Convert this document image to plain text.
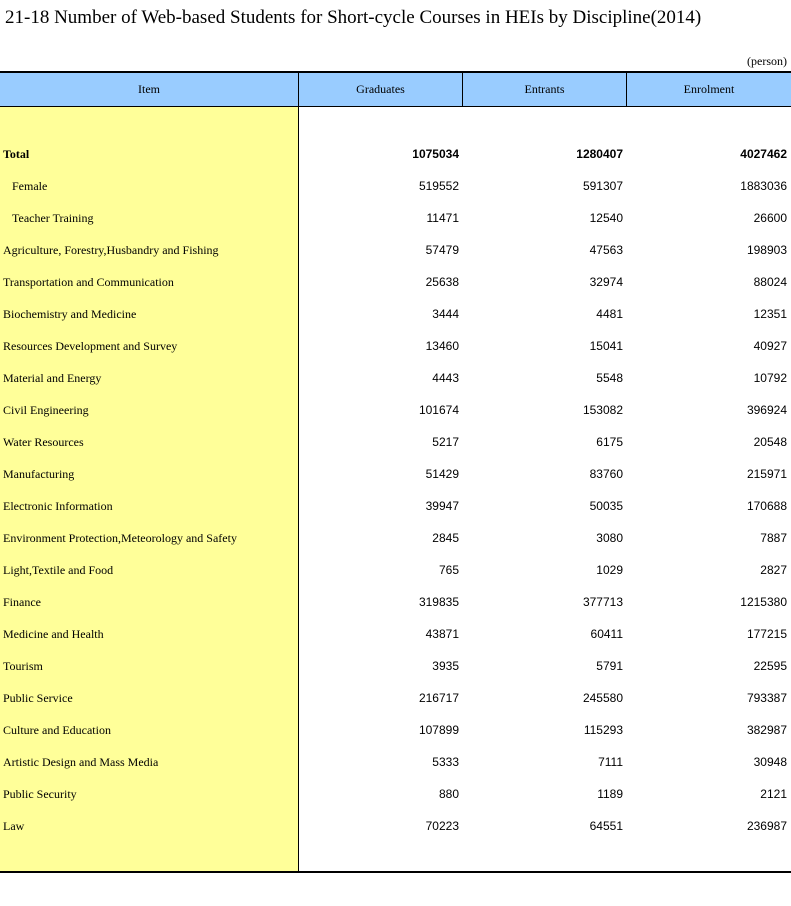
21-18 Number of Web-based Students for Short-cycle Courses in HEIs by Discipline(2014)
(person)
Item	Graduates	Entrants	Enrolment
Total	1075034	1280407	4027462
Female	519552	591307	1883036
Teacher Training	11471	12540	26600
Agriculture, Forestry,Husbandry and Fishing	57479	47563	198903
Transportation and Communication	25638	32974	88024
Biochemistry and Medicine	3444	4481	12351
Resources Development and Survey	13460	15041	40927
Material and Energy	4443	5548	10792
Civil Engineering	101674	153082	396924
Water Resources	5217	6175	20548
Manufacturing	51429	83760	215971
Electronic Information	39947	50035	170688
Environment Protection,Meteorology and Safety	2845	3080	7887
Light,Textile and Food	765	1029	2827
Finance	319835	377713	1215380
Medicine and Health	43871	60411	177215
Tourism	3935	5791	22595
Public Service	216717	245580	793387
Culture and Education	107899	115293	382987
Artistic Design and Mass Media	5333	7111	30948
Public Security	880	1189	2121
Law	70223	64551	236987
